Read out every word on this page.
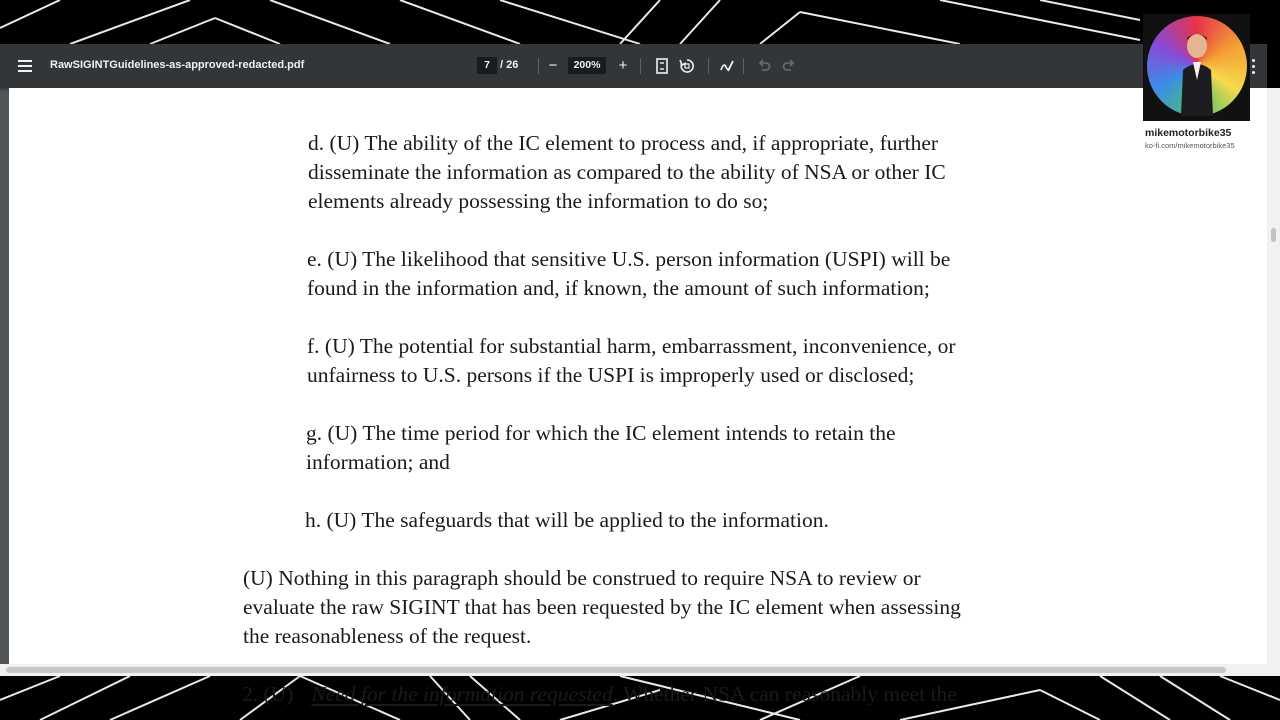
RawSIGINTGuidelines-as-approved-redacted.pdf	7 / 26	−	200%	+
d. (U) The ability of the IC element to process and, if appropriate, further
disseminate the information as compared to the ability of NSA or other IC
elements already possessing the information to do so;
e. (U) The likelihood that sensitive U.S. person information (USPI) will be
found in the information and, if known, the amount of such information;
f. (U) The potential for substantial harm, embarrassment, inconvenience, or
unfairness to U.S. persons if the USPI is improperly used or disclosed;
g. (U) The time period for which the IC element intends to retain the
information; and
h. (U) The safeguards that will be applied to the information.
(U) Nothing in this paragraph should be construed to require NSA to review or
evaluate the raw SIGINT that has been requested by the IC element when assessing
the reasonableness of the request.
2. (U) Need for the information requested. Whether NSA can reasonably meet the
mikemotorbike35
ko-fi.com/mikemotorbike35
